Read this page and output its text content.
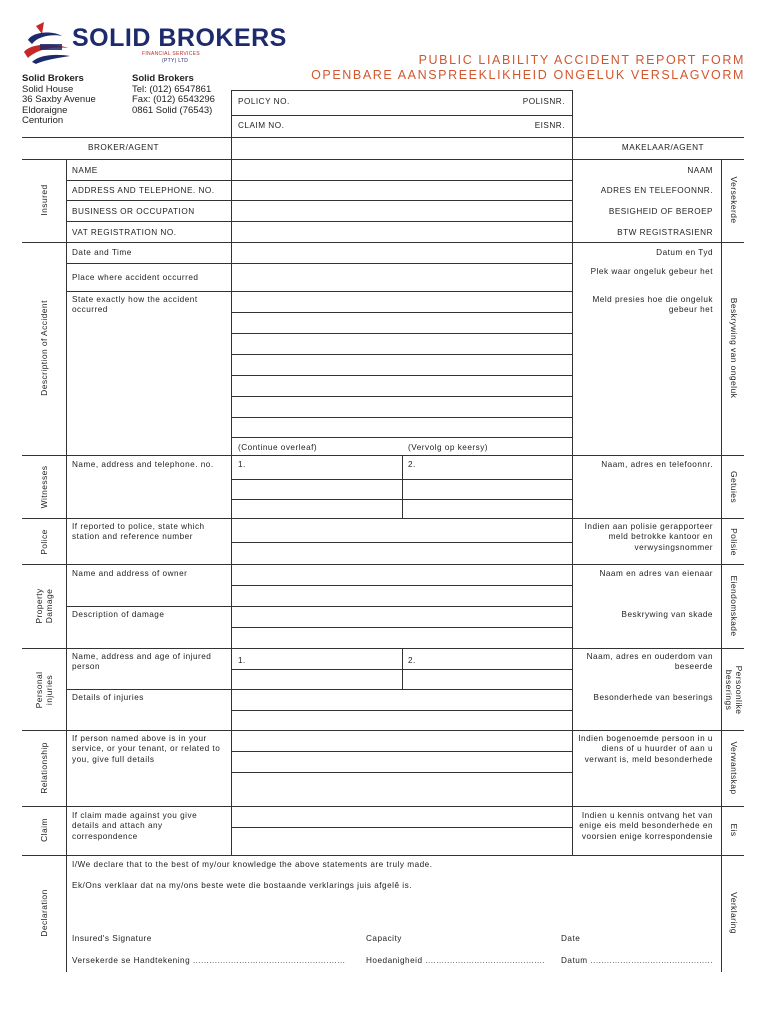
SOLID BROKERS
FINANCIAL SERVICES
(PTY) LTD
Solid Brokers
Solid House
36 Saxby Avenue
Eldoraigne
Centurion
Solid Brokers
Tel: (012) 6547861
Fax: (012) 6543296
0861 Solid (76543)
PUBLIC LIABILITY ACCIDENT REPORT FORM
OPENBARE AANSPREEKLIKHEID ONGELUK VERSLAGVORM
POLICY NO.	POLISNR.
CLAIM NO.	EISNR.
BROKER/AGENT	MAKELAAR/AGENT
Insured	Versekerde
NAME	NAAM
ADDRESS AND TELEPHONE. NO.	ADRES EN TELEFOONNR.
BUSINESS OR OCCUPATION	BESIGHEID OF BEROEP
VAT REGISTRATION NO.	BTW REGISTRASIENR
Description of Accident	Beskrywing van ongeluk
Date and Time	Datum en Tyd
Place where accident occurred
Plek waar ongeluk gebeur het
State exactly how the accident occurred
Meld presies hoe die ongeluk gebeur het
(Continue overleaf)	(Vervolg op keersy)
Witnesses	Getuies
Name, address and telephone. no.	Naam, adres en telefoonnr.
1.	2.
Police	Polisie
If reported to police, state which station and reference number
Indien aan polisie gerapporteer meld betrokke kantoor en verwysingsnommer
Property Damage	Eiendomskade
Name and address of owner	Naam en adres van eienaar
Description of damage	Beskrywing van skade
Personal injuries	Persoonlike beserings
Name, address and age of injured person
Naam, adres en ouderdom van beseerde
1.	2.
Details of injuries	Besonderhede van beserings
Relationship	Verwantskap
If person named above is in your service, or your tenant, or related to you, give full details
Indien bogenoemde persoon in u diens of u huurder of aan u verwant is, meld besonderhede
Claim	Eis
If claim made against you give details and attach any correspondence
Indien u kennis ontvang het van enige eis meld besonderhede en voorsien enige korrespondensie
Declaration	Verklaring
I/We declare that to the best of my/our knowledge the above statements are truly made.
Ek/Ons verklaar dat na my/ons beste wete die bostaande verklarings juis afgelê is.
Insured's Signature	Capacity	Date
Versekerde se Handtekening ........................................................	Hoedanigheid ............................................ Datum .............................................
